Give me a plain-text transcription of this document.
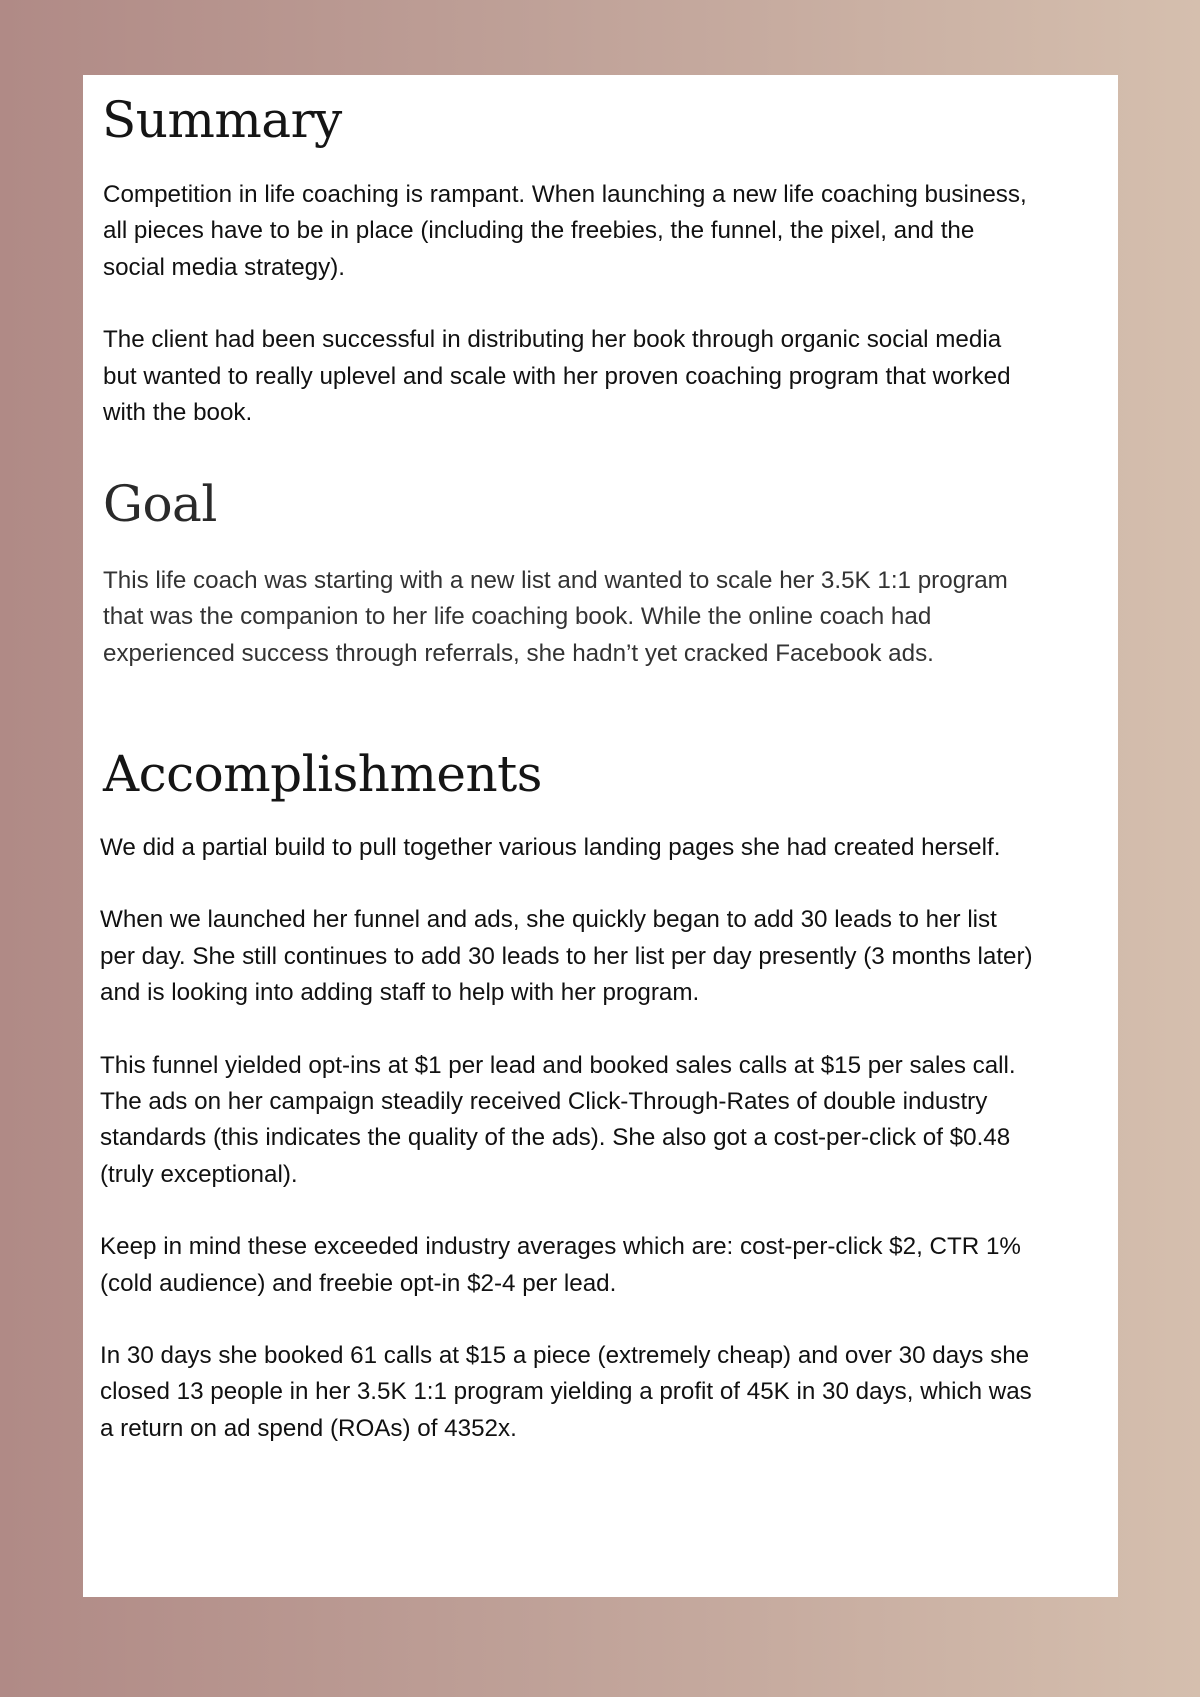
Summary

Competition in life coaching is rampant. When launching a new life coaching business, all pieces have to be in place (including the freebies, the funnel, the pixel, and the social media strategy).

The client had been successful in distributing her book through organic social media but wanted to really uplevel and scale with her proven coaching program that worked with the book.

Goal

This life coach was starting with a new list and wanted to scale her 3.5K 1:1 program that was the companion to her life coaching book. While the online coach had experienced success through referrals, she hadn’t yet cracked Facebook ads.

Accomplishments

We did a partial build to pull together various landing pages she had created herself.

When we launched her funnel and ads, she quickly began to add 30 leads to her list per day. She still continues to add 30 leads to her list per day presently (3 months later) and is looking into adding staff to help with her program.

This funnel yielded opt-ins at $1 per lead and booked sales calls at $15 per sales call. The ads on her campaign steadily received Click-Through-Rates of double industry standards (this indicates the quality of the ads). She also got a cost-per-click of $0.48 (truly exceptional).

Keep in mind these exceeded industry averages which are: cost-per-click $2, CTR 1% (cold audience) and freebie opt-in $2-4 per lead.

In 30 days she booked 61 calls at $15 a piece (extremely cheap) and over 30 days she closed 13 people in her 3.5K 1:1 program yielding a profit of 45K in 30 days, which was a return on ad spend (ROAs) of 4352x.
